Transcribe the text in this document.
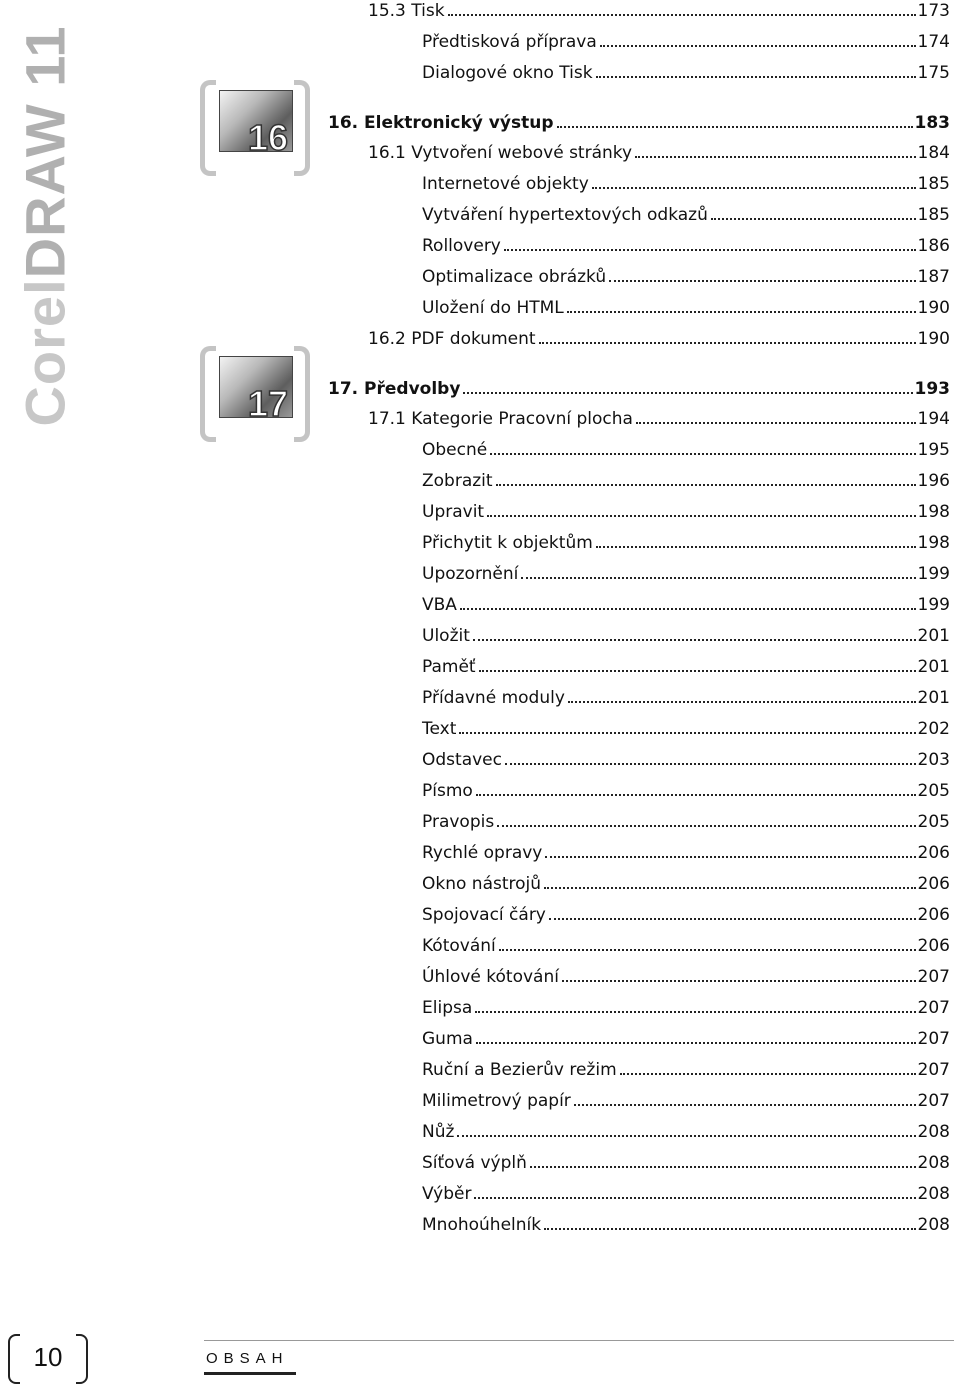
CorelDRAW 11	16
17
15.3 Tisk	173
Předtisková příprava	174
Dialogové okno Tisk	175
16. Elektronický výstup	183
16.1 Vytvoření webové stránky	184
Internetové objekty	185
Vytváření hypertextových odkazů	185
Rollovery	186
Optimalizace obrázků	187
Uložení do HTML	190
16.2 PDF dokument	190
17. Předvolby	193
17.1 Kategorie Pracovní plocha	194
Obecné	195
Zobrazit	196
Upravit	198
Přichytit k objektům	198
Upozornění	199
VBA	199
Uložit	201
Paměť	201
Přídavné moduly	201
Text	202
Odstavec	203
Písmo	205
Pravopis	205
Rychlé opravy	206
Okno nástrojů	206
Spojovací čáry	206
Kótování	206
Úhlové kótování	207
Elipsa	207
Guma	207
Ruční a Bezierův režim	207
Milimetrový papír	207
Nůž	208
Síťová výplň	208
Výběr	208
Mnohoúhelník	208
10	OBSAH
